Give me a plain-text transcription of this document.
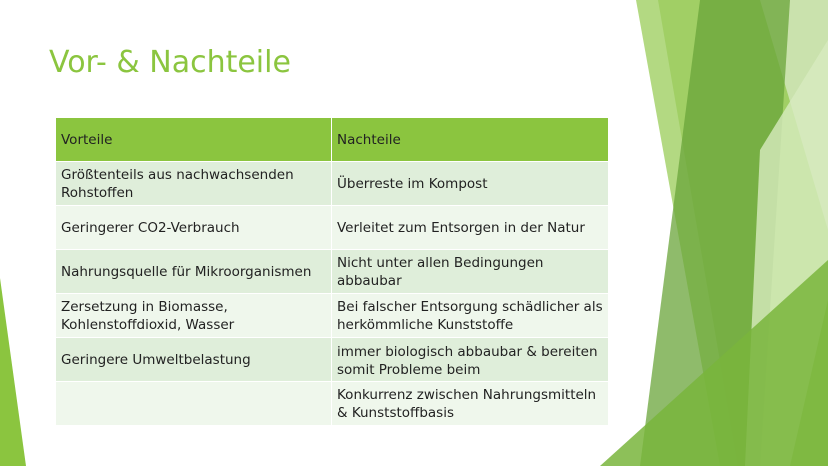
Vor- & Nachteile
Vorteile	Nachteile
Größtenteils aus nachwachsenden Rohstoffen	Überreste im Kompost
Geringerer CO2-Verbrauch	Verleitet zum Entsorgen in der Natur
Nahrungsquelle für Mikroorganismen	Nicht unter allen Bedingungen abbaubar
Zersetzung in Biomasse, Kohlenstoffdioxid, Wasser	Bei falscher Entsorgung schädlicher als herkömmliche Kunststoffe
Geringere Umweltbelastung	immer biologisch abbaubar & bereiten somit Probleme beim

	Konkurrenz zwischen Nahrungsmitteln & Kunststoffbasis
